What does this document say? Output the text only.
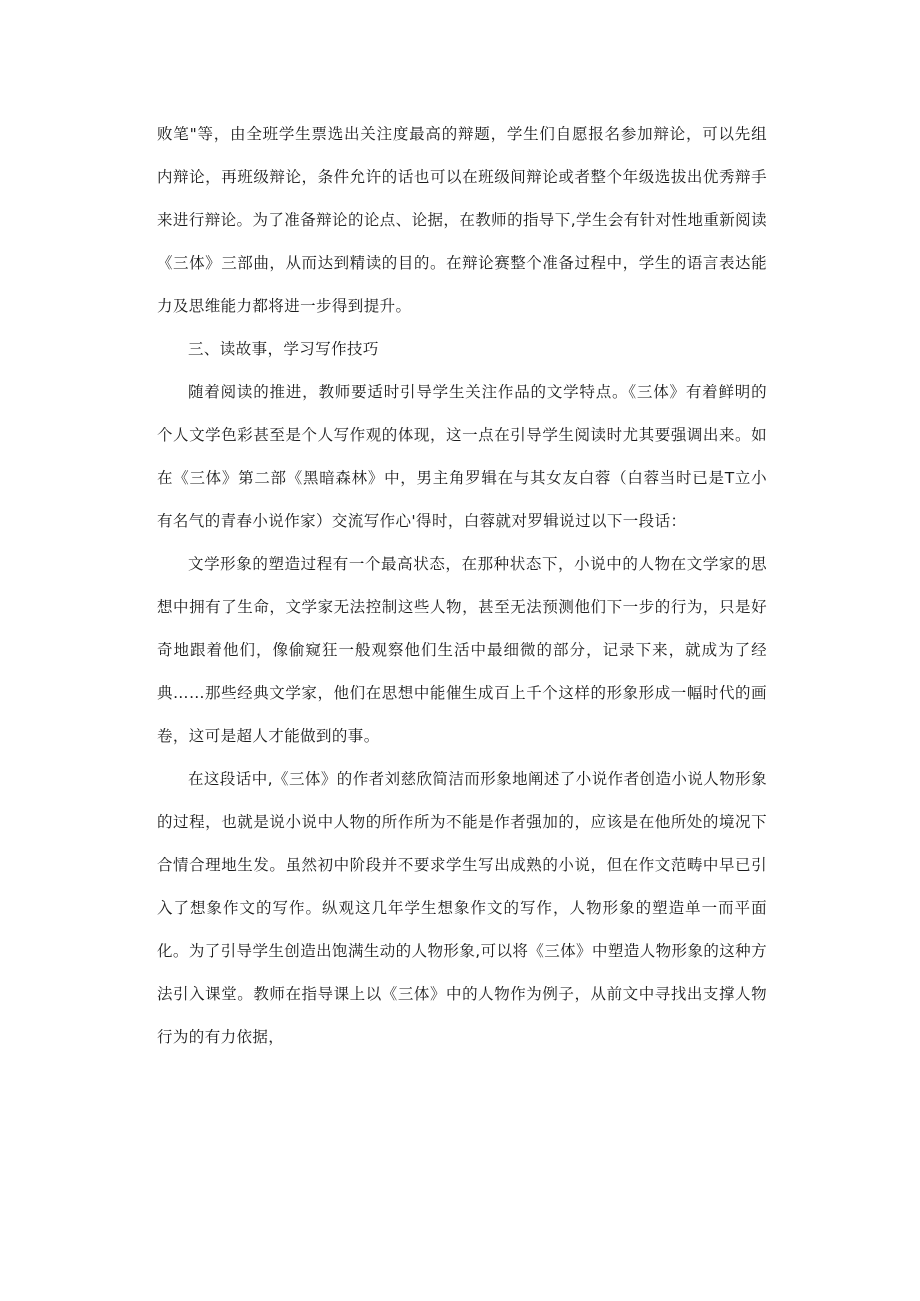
败笔"等，由全班学生票选出关注度最高的辩题，学生们自愿报名参加辩论，可以先组内辩论，再班级辩论，条件允许的话也可以在班级间辩论或者整个年级选拔出优秀辩手来进行辩论。为了准备辩论的论点、论据，在教师的指导下,学生会有针对性地重新阅读《三体》三部曲，从而达到精读的目的。在辩论赛整个准备过程中，学生的语言表达能力及思维能力都将进一步得到提升。

三、读故事，学习写作技巧

随着阅读的推进，教师要适时引导学生关注作品的文学特点。《三体》有着鲜明的个人文学色彩甚至是个人写作观的体现，这一点在引导学生阅读时尤其要强调出来。如在《三体》第二部《黑暗森林》中，男主角罗辑在与其女友白蓉（白蓉当时已是T立小有名气的青春小说作家）交流写作心'得时，白蓉就对罗辑说过以下一段话：

文学形象的塑造过程有一个最高状态，在那种状态下，小说中的人物在文学家的思想中拥有了生命，文学家无法控制这些人物，甚至无法预测他们下一步的行为，只是好奇地跟着他们，像偷窥狂一般观察他们生活中最细微的部分，记录下来，就成为了经典……那些经典文学家，他们在思想中能催生成百上千个这样的形象形成一幅时代的画卷，这可是超人才能做到的事。

在这段话中,《三体》的作者刘慈欣简洁而形象地阐述了小说作者创造小说人物形象的过程，也就是说小说中人物的所作所为不能是作者强加的，应该是在他所处的境况下合情合理地生发。虽然初中阶段并不要求学生写出成熟的小说，但在作文范畴中早已引入了想象作文的写作。纵观这几年学生想象作文的写作，人物形象的塑造单一而平面化。为了引导学生创造出饱满生动的人物形象,可以将《三体》中塑造人物形象的这种方法引入课堂。教师在指导课上以《三体》中的人物作为例子，从前文中寻找出支撑人物行为的有力依据，
